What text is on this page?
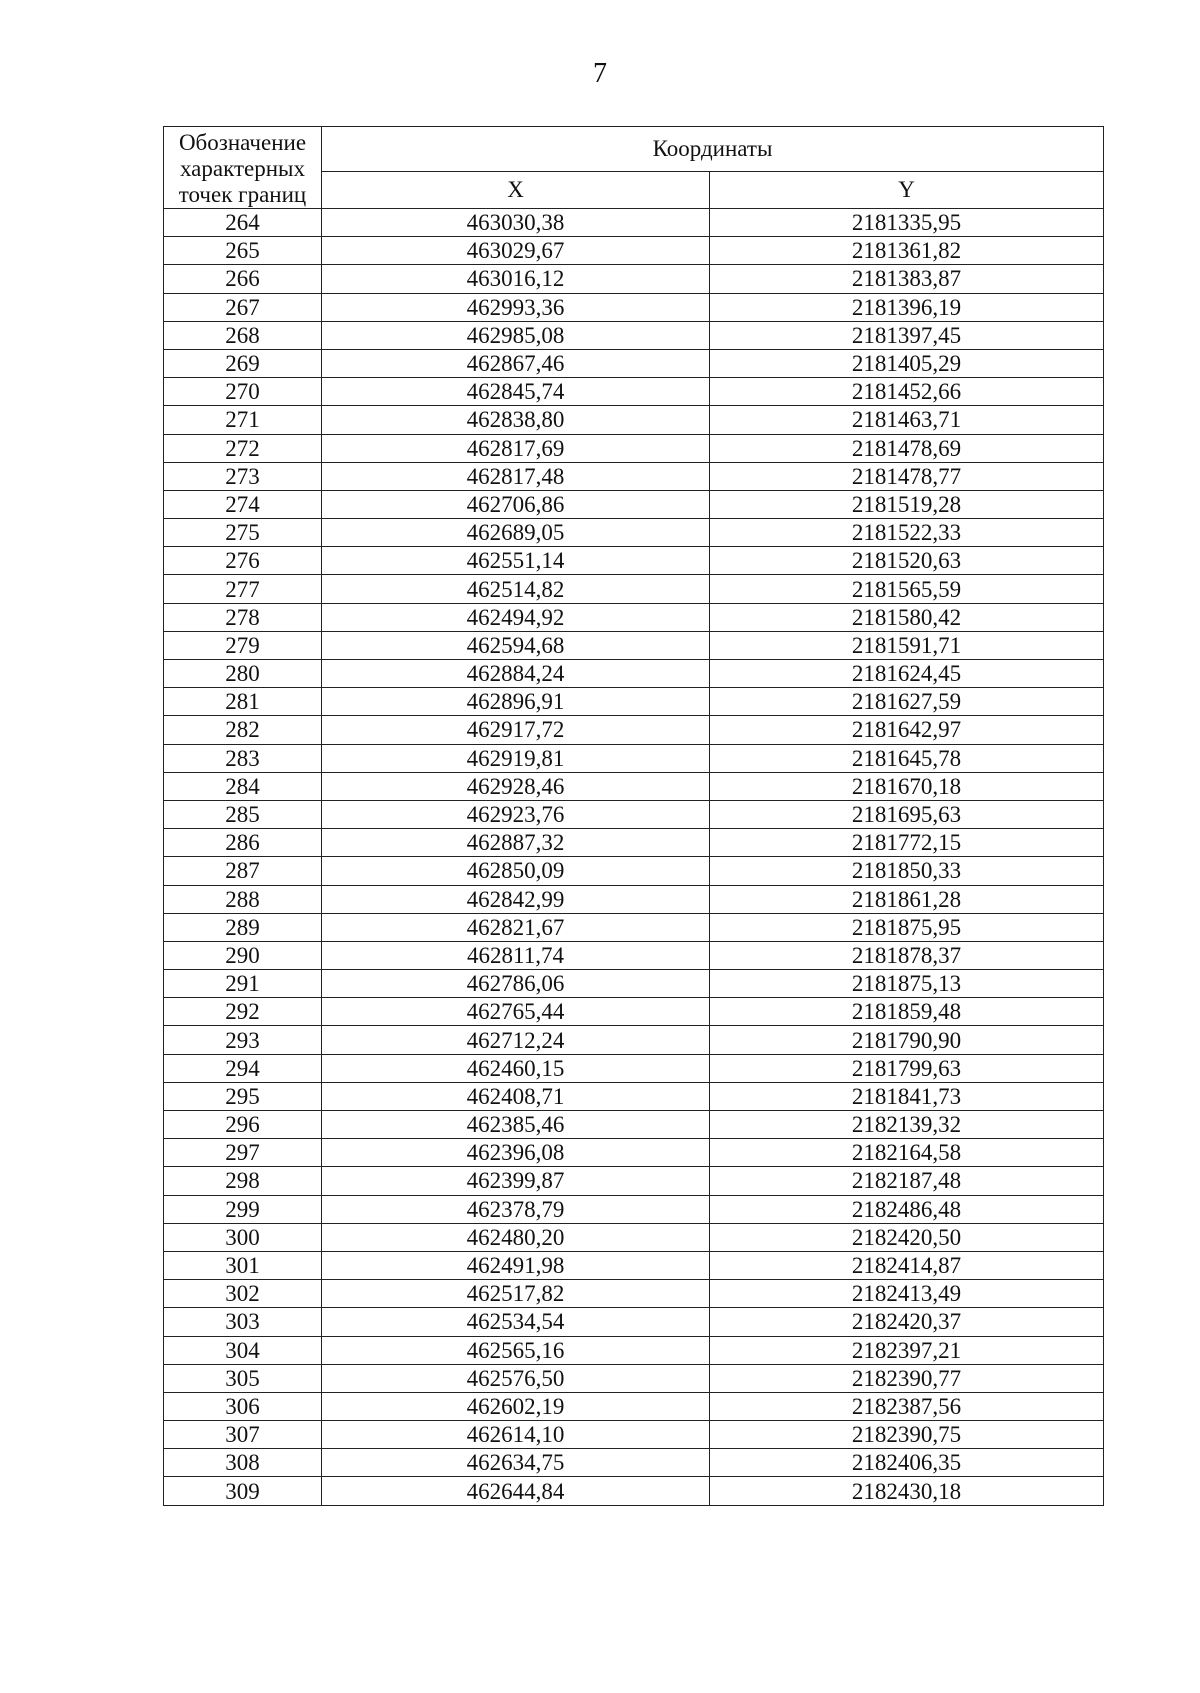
7
Обозначение характерных точек границ	Координаты	
	X	Y
264	463030,38	2181335,95
265	463029,67	2181361,82
266	463016,12	2181383,87
267	462993,36	2181396,19
268	462985,08	2181397,45
269	462867,46	2181405,29
270	462845,74	2181452,66
271	462838,80	2181463,71
272	462817,69	2181478,69
273	462817,48	2181478,77
274	462706,86	2181519,28
275	462689,05	2181522,33
276	462551,14	2181520,63
277	462514,82	2181565,59
278	462494,92	2181580,42
279	462594,68	2181591,71
280	462884,24	2181624,45
281	462896,91	2181627,59
282	462917,72	2181642,97
283	462919,81	2181645,78
284	462928,46	2181670,18
285	462923,76	2181695,63
286	462887,32	2181772,15
287	462850,09	2181850,33
288	462842,99	2181861,28
289	462821,67	2181875,95
290	462811,74	2181878,37
291	462786,06	2181875,13
292	462765,44	2181859,48
293	462712,24	2181790,90
294	462460,15	2181799,63
295	462408,71	2181841,73
296	462385,46	2182139,32
297	462396,08	2182164,58
298	462399,87	2182187,48
299	462378,79	2182486,48
300	462480,20	2182420,50
301	462491,98	2182414,87
302	462517,82	2182413,49
303	462534,54	2182420,37
304	462565,16	2182397,21
305	462576,50	2182390,77
306	462602,19	2182387,56
307	462614,10	2182390,75
308	462634,75	2182406,35
309	462644,84	2182430,18
